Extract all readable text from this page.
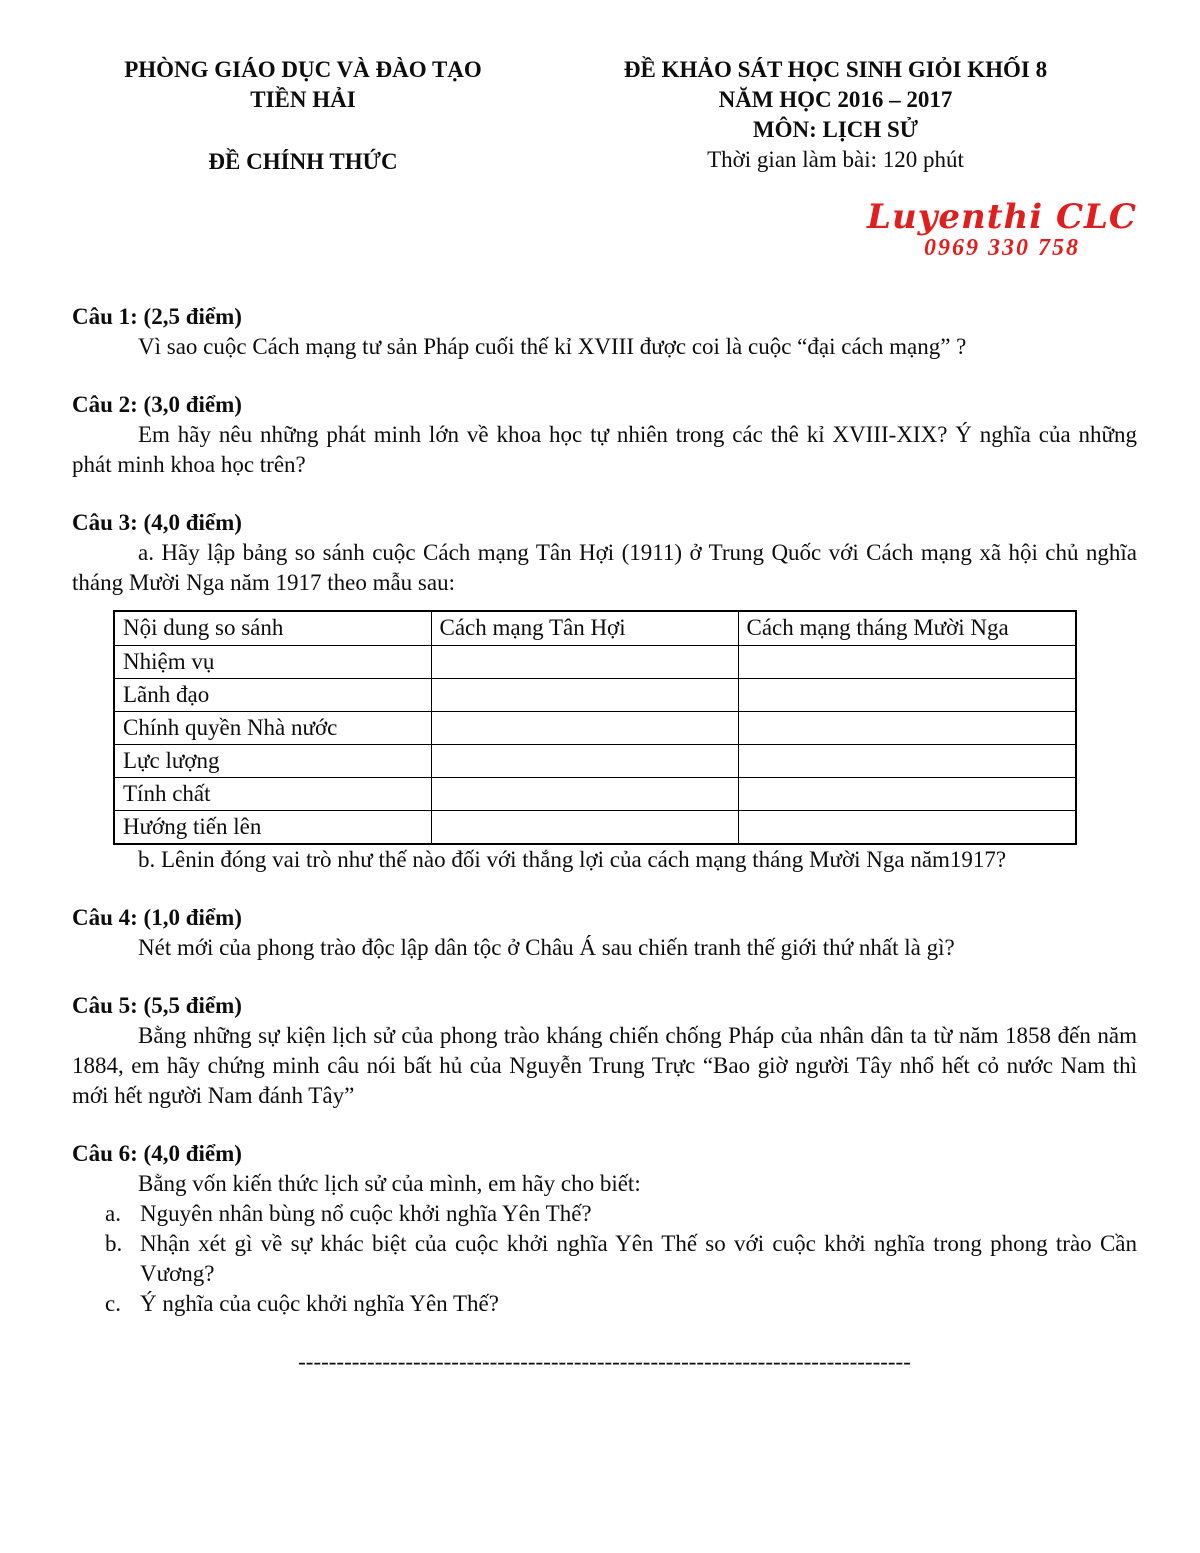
PHÒNG GIÁO DỤC VÀ ĐÀO TẠO
TIỀN HẢI
ĐỀ CHÍNH THỨC
ĐỀ KHẢO SÁT HỌC SINH GIỎI KHỐI 8
NĂM HỌC 2016 – 2017
MÔN: LỊCH SỬ
Thời gian làm bài: 120 phút
Luyenthi CLC
0969 330 758
Câu 1: (2,5 điểm)

Vì sao cuộc Cách mạng tư sản Pháp cuối thế kỉ XVIII được coi là cuộc “đại cách mạng” ?

Câu 2: (3,0 điểm)

Em hãy nêu những phát minh lớn về khoa học tự nhiên trong các thê kỉ XVIII-XIX? Ý nghĩa của những phát minh khoa học trên?

Câu 3: (4,0 điểm)

a. Hãy lập bảng so sánh cuộc Cách mạng Tân Hợi (1911) ở Trung Quốc với Cách mạng xã hội chủ nghĩa tháng Mười Nga năm 1917 theo mẫu sau:

Nội dung so sánh	Cách mạng Tân Hợi	Cách mạng tháng Mười Nga
Nhiệm vụ		
Lãnh đạo		
Chính quyền Nhà nước		
Lực lượng		
Tính chất		
Hướng tiến lên		

b. Lênin đóng vai trò như thế nào đối với thắng lợi của cách mạng tháng Mười Nga năm1917?

Câu 4: (1,0 điểm)

Nét mới của phong trào độc lập dân tộc ở Châu Á sau chiến tranh thế giới thứ nhất là gì?

Câu 5: (5,5 điểm)

Bằng những sự kiện lịch sử của phong trào kháng chiến chống Pháp của nhân dân ta từ năm 1858 đến năm 1884, em hãy chứng minh câu nói bất hủ của Nguyễn Trung Trực “Bao giờ người Tây nhổ hết cỏ nước Nam thì mới hết người Nam đánh Tây”

Câu 6: (4,0 điểm)

Bằng vốn kiến thức lịch sử của mình, em hãy cho biết:

a. Nguyên nhân bùng nổ cuộc khởi nghĩa Yên Thế?
b. Nhận xét gì về sự khác biệt của cuộc khởi nghĩa Yên Thế so với cuộc khởi nghĩa trong phong trào Cần Vương?
c. Ý nghĩa của cuộc khởi nghĩa Yên Thế?
--------------------------------------------------------------------------------
